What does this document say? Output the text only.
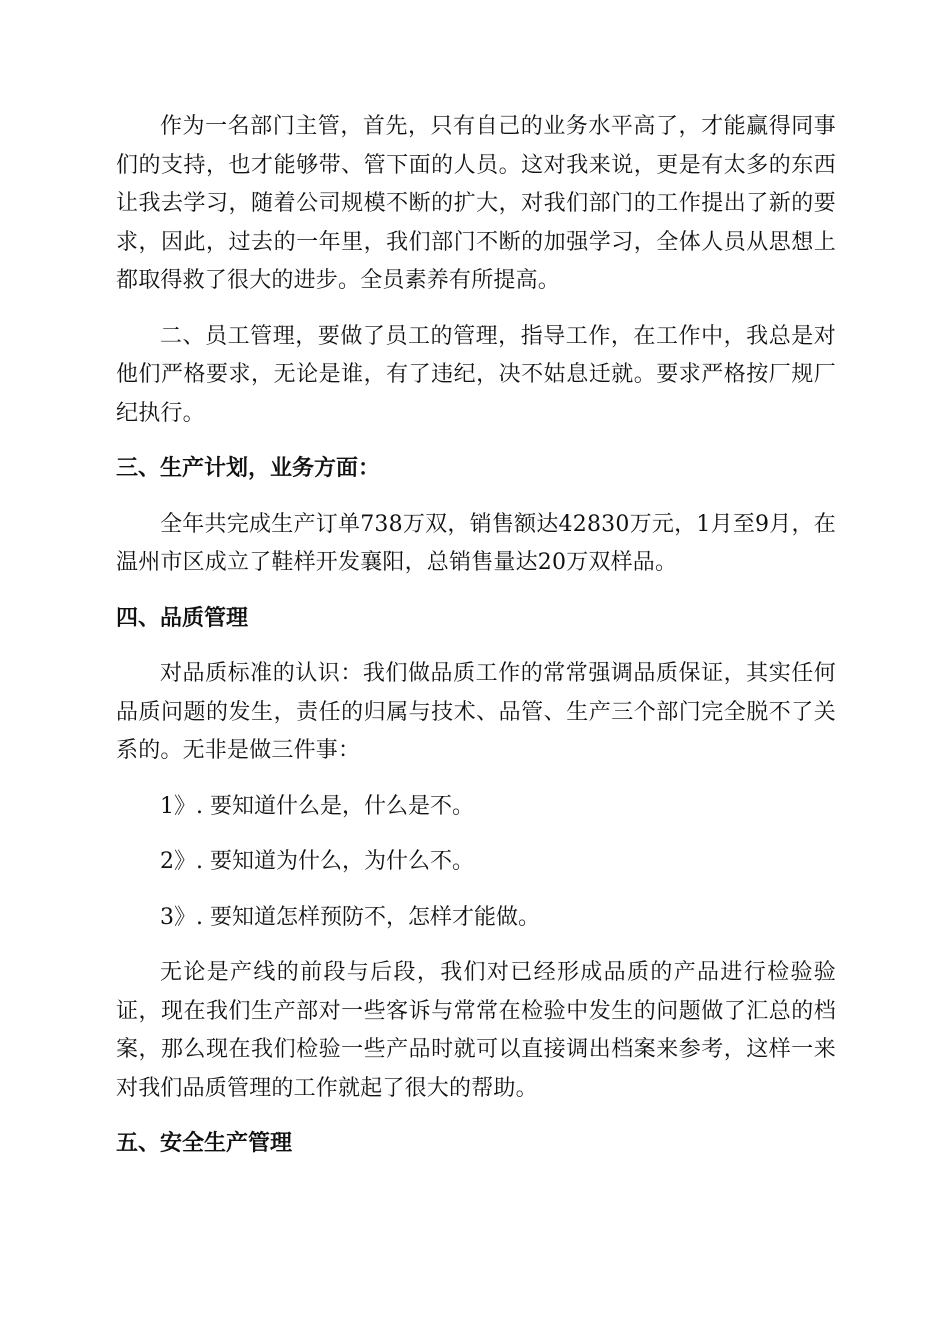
作为一名部门主管，首先，只有自己的业务水平高了，才能赢得同事们的支持，也才能够带、管下面的人员。这对我来说，更是有太多的东西让我去学习，随着公司规模不断的扩大，对我们部门的工作提出了新的要求，因此，过去的一年里，我们部门不断的加强学习，全体人员从思想上都取得救了很大的进步。全员素养有所提高。

二、员工管理，要做了员工的管理，指导工作，在工作中，我总是对他们严格要求，无论是谁，有了违纪，决不姑息迁就。要求严格按厂规厂纪执行。

三、生产计划，业务方面：

全年共完成生产订单738万双，销售额达42830万元，1月至9月，在温州市区成立了鞋样开发襄阳，总销售量达20万双样品。

四、品质管理

对品质标准的认识：我们做品质工作的常常强调品质保证，其实任何品质问题的发生，责任的归属与技术、品管、生产三个部门完全脱不了关系的。无非是做三件事：

1》. 要知道什么是，什么是不。

2》. 要知道为什么，为什么不。

3》. 要知道怎样预防不，怎样才能做。

无论是产线的前段与后段，我们对已经形成品质的产品进行检验验证，现在我们生产部对一些客诉与常常在检验中发生的问题做了汇总的档案，那么现在我们检验一些产品时就可以直接调出档案来参考，这样一来对我们品质管理的工作就起了很大的帮助。

五、安全生产管理
